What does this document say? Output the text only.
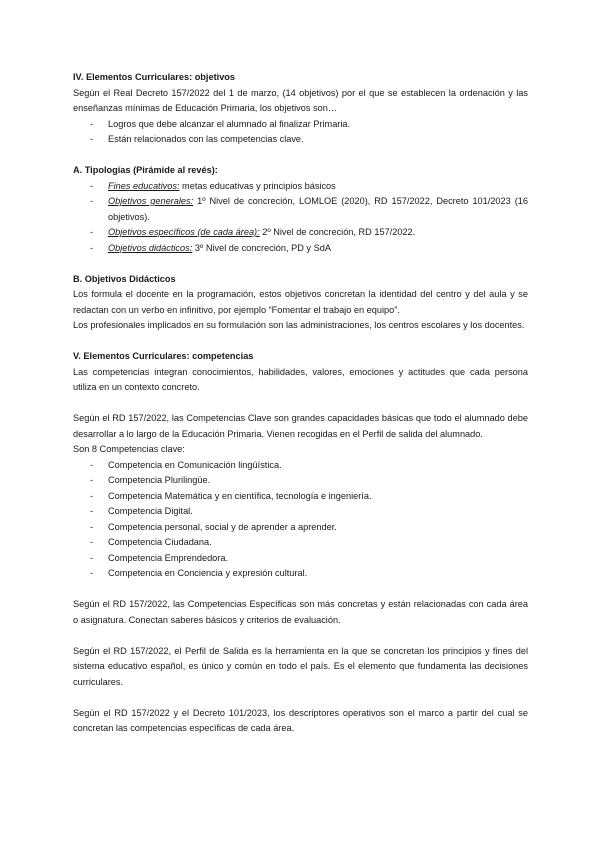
IV. Elementos Curriculares: objetivos

Según el Real Decreto 157/2022 del 1 de marzo, (14 objetivos) por el que se establecen la ordenación y las enseñanzas mínimas de Educación Primaria, los objetivos son…

- Logros que debe alcanzar el alumnado al finalizar Primaria.
- Están relacionados con las competencias clave.

A. Tipologías (Pirámide al revés):

- Fines educativos: metas educativas y principios básicos
- Objetivos generales: 1º Nivel de concreción, LOMLOE (2020), RD 157/2022, Decreto 101/2023 (16 objetivos).
- Objetivos específicos (de cada área): 2º Nivel de concreción, RD 157/2022.
- Objetivos didácticos: 3º Nivel de concreción, PD y SdA

B. Objetivos Didácticos

Los formula el docente en la programación, estos objetivos concretan la identidad del centro y del aula y se redactan con un verbo en infinitivo, por ejemplo “Fomentar el trabajo en equipo”.

Los profesionales implicados en su formulación son las administraciones, los centros escolares y los docentes.

V. Elementos Curriculares: competencias

Las competencias integran conocimientos, habilidades, valores, emociones y actitudes que cada persona utiliza en un contexto concreto.

Según el RD 157/2022, las Competencias Clave son grandes capacidades básicas que todo el alumnado debe desarrollar a lo largo de la Educación Primaria. Vienen recogidas en el Perfil de salida del alumnado.

Son 8 Competencias clave:

- Competencia en Comunicación lingüística.
- Competencia Plurilingüe.
- Competencia Matemática y en científica, tecnología e ingeniería.
- Competencia Digital.
- Competencia personal, social y de aprender a aprender.
- Competencia Ciudadana.
- Competencia Emprendedora.
- Competencia en Conciencia y expresión cultural.

Según el RD 157/2022, las Competencias Específicas son más concretas y están relacionadas con cada área o asignatura. Conectan saberes básicos y criterios de evaluación.

Según el RD 157/2022, el Perfil de Salida es la herramienta en la que se concretan los principios y fines del sistema educativo español, es único y común en todo el país. Es el elemento que fundamenta las decisiones curriculares.

Según el RD 157/2022 y el Decreto 101/2023, los descriptores operativos son el marco a partir del cual se concretan las competencias específicas de cada área.
